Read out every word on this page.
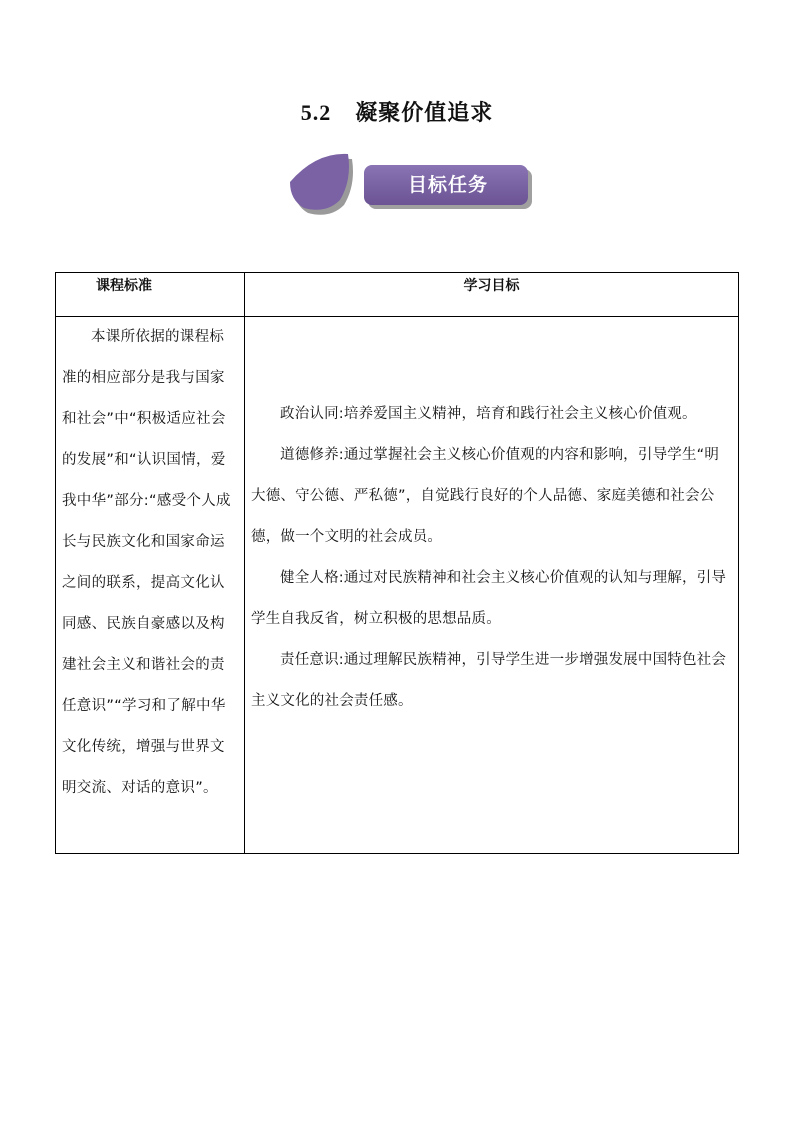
5.2 凝聚价值追求
目标任务
课程标准	学习目标

本课所依据的课程标准的相应部分是我与国家和社会”中“积极适应社会的发展”和“认识国情，爱我中华”部分:“感受个人成长与民族文化和国家命运之间的联系，提高文化认同感、民族自豪感以及构建社会主义和谐社会的责任意识”“学习和了解中华文化传统，增强与世界文明交流、对话的意识”。	政治认同:培养爱国主义精神，培育和践行社会主义核心价值观。

道德修养:通过掌握社会主义核心价值观的内容和影响，引导学生“明大德、守公德、严私德”，自觉践行良好的个人品德、家庭美德和社会公德，做一个文明的社会成员。

健全人格:通过对民族精神和社会主义核心价值观的认知与理解，引导学生自我反省，树立积极的思想品质。

责任意识:通过理解民族精神，引导学生进一步增强发展中国特色社会主义文化的社会责任感。
